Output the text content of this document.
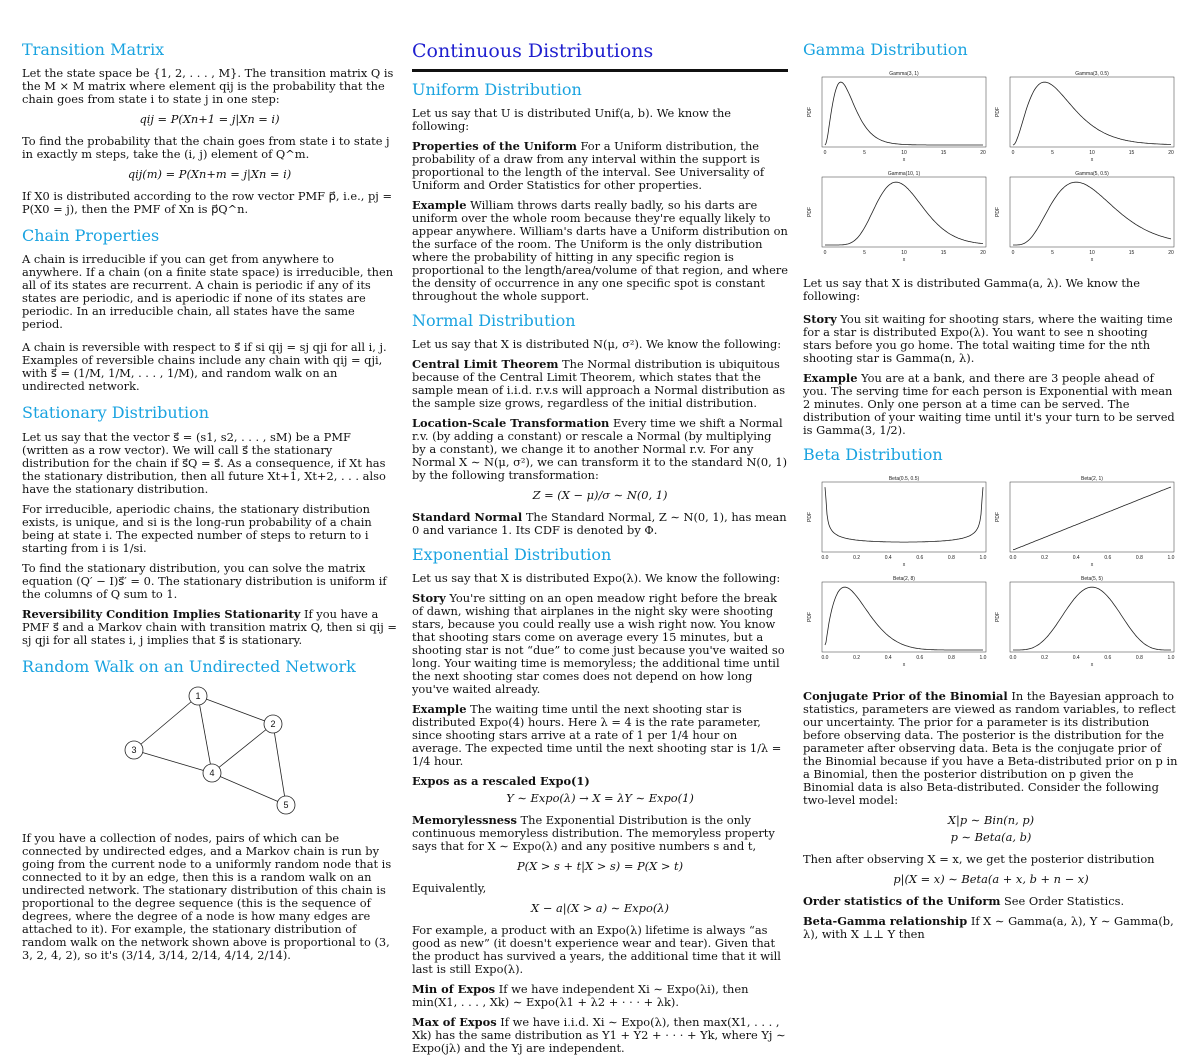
Transition Matrix

Let the state space be {1, 2, . . . , M}. The transition matrix Q is the M × M matrix where element qij is the probability that the chain goes from state i to state j in one step:

qij = P(Xn+1 = j|Xn = i)

To find the probability that the chain goes from state i to state j in exactly m steps, take the (i, j) element of Q^m.

qij(m) = P(Xn+m = j|Xn = i)

If X0 is distributed according to the row vector PMF p⃗, i.e., pj = P(X0 = j), then the PMF of Xn is p⃗Q^n.

Chain Properties

A chain is irreducible if you can get from anywhere to anywhere. If a chain (on a finite state space) is irreducible, then all of its states are recurrent. A chain is periodic if any of its states are periodic, and is aperiodic if none of its states are periodic. In an irreducible chain, all states have the same period.

A chain is reversible with respect to s⃗ if si qij = sj qji for all i, j. Examples of reversible chains include any chain with qij = qji, with s⃗ = (1/M, 1/M, . . . , 1/M), and random walk on an undirected network.

Stationary Distribution

Let us say that the vector s⃗ = (s1, s2, . . . , sM) be a PMF (written as a row vector). We will call s⃗ the stationary distribution for the chain if s⃗Q = s⃗. As a consequence, if Xt has the stationary distribution, then all future Xt+1, Xt+2, . . . also have the stationary distribution.

For irreducible, aperiodic chains, the stationary distribution exists, is unique, and si is the long-run probability of a chain being at state i. The expected number of steps to return to i starting from i is 1/si.

To find the stationary distribution, you can solve the matrix equation (Q′ − I)s⃗′ = 0. The stationary distribution is uniform if the columns of Q sum to 1.

Reversibility Condition Implies Stationarity If you have a PMF s⃗ and a Markov chain with transition matrix Q, then si qij = sj qji for all states i, j implies that s⃗ is stationary.

Random Walk on an Undirected Network
1
2
3
4
5

If you have a collection of nodes, pairs of which can be connected by undirected edges, and a Markov chain is run by going from the current node to a uniformly random node that is connected to it by an edge, then this is a random walk on an undirected network. The stationary distribution of this chain is proportional to the degree sequence (this is the sequence of degrees, where the degree of a node is how many edges are attached to it). For example, the stationary distribution of random walk on the network shown above is proportional to (3, 3, 2, 4, 2), so it's (3/14, 3/14, 2/14, 4/14, 2/14).

Continuous Distributions
Uniform Distribution

Let us say that U is distributed Unif(a, b). We know the following:

Properties of the Uniform For a Uniform distribution, the probability of a draw from any interval within the support is proportional to the length of the interval. See Universality of Uniform and Order Statistics for other properties.

Example William throws darts really badly, so his darts are uniform over the whole room because they're equally likely to appear anywhere. William's darts have a Uniform distribution on the surface of the room. The Uniform is the only distribution where the probability of hitting in any specific region is proportional to the length/area/volume of that region, and where the density of occurrence in any one specific spot is constant throughout the whole support.

Normal Distribution

Let us say that X is distributed N(μ, σ²). We know the following:

Central Limit Theorem The Normal distribution is ubiquitous because of the Central Limit Theorem, which states that the sample mean of i.i.d. r.v.s will approach a Normal distribution as the sample size grows, regardless of the initial distribution.

Location-Scale Transformation Every time we shift a Normal r.v. (by adding a constant) or rescale a Normal (by multiplying by a constant), we change it to another Normal r.v. For any Normal X ∼ N(μ, σ²), we can transform it to the standard N(0, 1) by the following transformation:

Z = (X − μ)/σ ∼ N(0, 1)

Standard Normal The Standard Normal, Z ∼ N(0, 1), has mean 0 and variance 1. Its CDF is denoted by Φ.

Exponential Distribution

Let us say that X is distributed Expo(λ). We know the following:

Story You're sitting on an open meadow right before the break of dawn, wishing that airplanes in the night sky were shooting stars, because you could really use a wish right now. You know that shooting stars come on average every 15 minutes, but a shooting star is not “due” to come just because you've waited so long. Your waiting time is memoryless; the additional time until the next shooting star comes does not depend on how long you've waited already.

Example The waiting time until the next shooting star is distributed Expo(4) hours. Here λ = 4 is the rate parameter, since shooting stars arrive at a rate of 1 per 1/4 hour on average. The expected time until the next shooting star is 1/λ = 1/4 hour.

Expos as a rescaled Expo(1)

Y ∼ Expo(λ) → X = λY ∼ Expo(1)

Memorylessness The Exponential Distribution is the only continuous memoryless distribution. The memoryless property says that for X ∼ Expo(λ) and any positive numbers s and t,

P(X > s + t|X > s) = P(X > t)

Equivalently,

X − a|(X > a) ∼ Expo(λ)

For example, a product with an Expo(λ) lifetime is always “as good as new” (it doesn't experience wear and tear). Given that the product has survived a years, the additional time that it will last is still Expo(λ).

Min of Expos If we have independent Xi ∼ Expo(λi), then min(X1, . . . , Xk) ∼ Expo(λ1 + λ2 + · · · + λk).

Max of Expos If we have i.i.d. Xi ∼ Expo(λ), then max(X1, . . . , Xk) has the same distribution as Y1 + Y2 + · · · + Yk, where Yj ∼ Expo(jλ) and the Yj are independent.

Gamma Distribution
Gamma(3, 1)
0	5	10	15	20
x
PDF
Gamma(3, 0.5)
0	5	10	15	20
x
PDF
Gamma(10, 1)
0	5	10	15	20
x
PDF
Gamma(5, 0.5)
0	5	10	15	20
x
PDF

Let us say that X is distributed Gamma(a, λ). We know the following:

Story You sit waiting for shooting stars, where the waiting time for a star is distributed Expo(λ). You want to see n shooting stars before you go home. The total waiting time for the nth shooting star is Gamma(n, λ).

Example You are at a bank, and there are 3 people ahead of you. The serving time for each person is Exponential with mean 2 minutes. Only one person at a time can be served. The distribution of your waiting time until it's your turn to be served is Gamma(3, 1/2).

Beta Distribution
Beta(0.5, 0.5)
0.0	0.2	0.4	0.6	0.8	1.0
x
PDF
Beta(2, 1)
0.0	0.2	0.4	0.6	0.8	1.0
x
PDF
Beta(2, 8)
0.0	0.2	0.4	0.6	0.8	1.0
x
PDF
Beta(5, 5)
0.0	0.2	0.4	0.6	0.8	1.0
x
PDF

Conjugate Prior of the Binomial In the Bayesian approach to statistics, parameters are viewed as random variables, to reflect our uncertainty. The prior for a parameter is its distribution before observing data. The posterior is the distribution for the parameter after observing data. Beta is the conjugate prior of the Binomial because if you have a Beta-distributed prior on p in a Binomial, then the posterior distribution on p given the Binomial data is also Beta-distributed. Consider the following two-level model:

X|p ∼ Bin(n, p)
p ∼ Beta(a, b)

Then after observing X = x, we get the posterior distribution

p|(X = x) ∼ Beta(a + x, b + n − x)

Order statistics of the Uniform See Order Statistics.

Beta-Gamma relationship If X ∼ Gamma(a, λ), Y ∼ Gamma(b, λ), with X ⊥⊥ Y then
